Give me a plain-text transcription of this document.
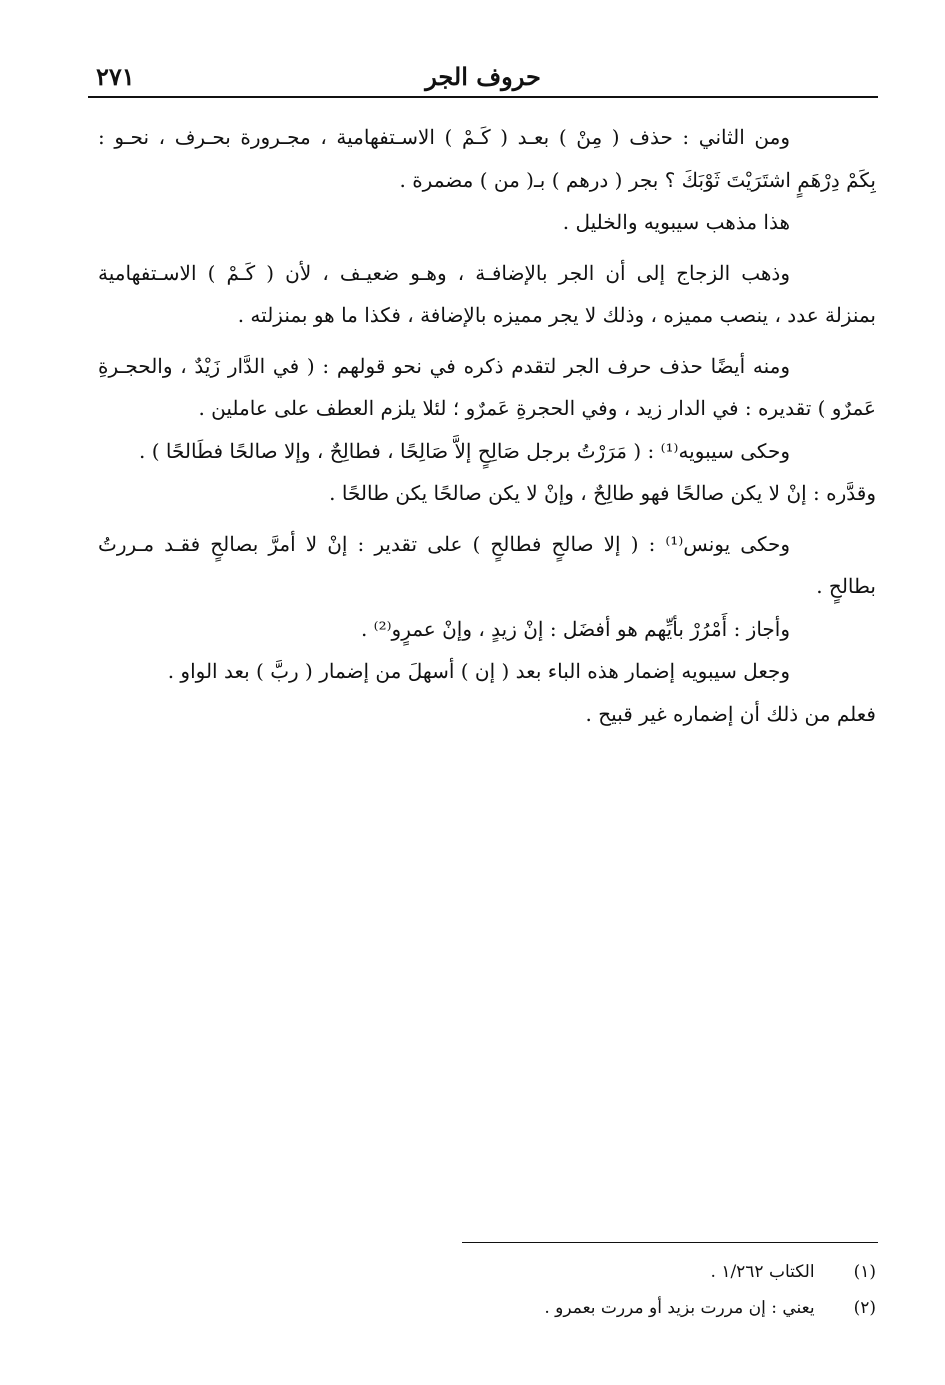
حروف الجر
٢٧١
ومن الثاني : حذف ( مِنْ ) بعـد ( كَـمْ ) الاسـتفهامية ، مجـرورة بحـرف ، نحـو :
بِكَمْ دِرْهَمٍ اشتَرَيْتَ ثَوْبَكَ ؟ بجر ( درهم ) بـ( من ) مضمرة .
هذا مذهب سيبويه والخليل .
وذهب الزجاج إلى أن الجر بالإضافـة ، وهـو ضعيـف ، لأن ( كَـمْ ) الاسـتفهامية
بمنزلة عدد ، ينصب مميزه ، وذلك لا يجر مميزه بالإضافة ، فكذا ما هو بمنزلته .
ومنه أيضًا حذف حرف الجر لتقدم ذكره في نحو قولهم : ( في الدَّار زَيْدٌ ، والحجـرةِ
عَمرٌو ) تقديره : في الدار زيد ، وفي الحجرةِ عَمرٌو ؛ لئلا يلزم العطف على عاملين .
وحكى سيبويه⁽¹⁾ : ( مَرَرْتُ برجل صَالِحٍ إلاَّ صَالِحًا ، فطالِحٌ ، وإلا صالحًا فطَالحًا ) .
وقدَّره : إنْ لا يكن صالحًا فهو طالِحٌ ، وإنْ لا يكن صالحًا يكن طالحًا .
وحكى يونس⁽¹⁾ : ( إلا صالحٍ فطالحٍ ) على تقدير : إنْ لا أمرَّ بصالحٍ فقـد مـررتُ
بطالحٍ .
وأجاز : أَمْرُرْ بأيِّهم هو أفضَل : إنْ زيدٍ ، وإنْ عمرٍو⁽²⁾ .
وجعل سيبويه إضمار هذه الباء بعد ( إن ) أسهلَ من إضمار ( ربَّ ) بعد الواو .
فعلم من ذلك أن إضماره غير قبيح .
(١) الكتاب ١/٢٦٢ .
(٢) يعني : إن مررت بزيد أو مررت بعمرو .
